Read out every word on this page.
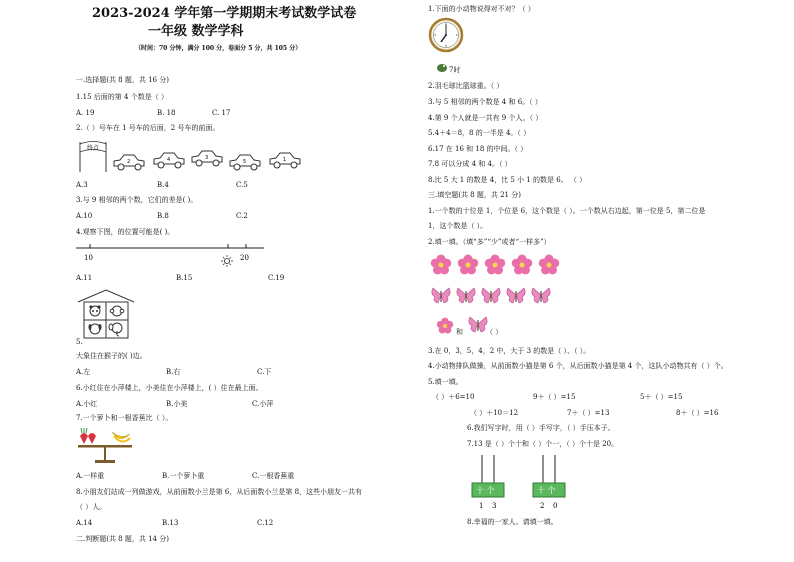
2023-2024 学年第一学期期末考试数学试卷
一年级 数学学科
（时间：70 分钟，满分 100 分，卷面分 5 分，共 105 分）
一.选择题(共 8 题，共 16 分)
1.15 后面的第 4 个数是（ ）
A. 19	B. 18	C. 17
2.（ ）号车在 1 号车的后面，2 号车的前面。
终点
2	4	3
5	1
A.3	B.4	C.5
3.与 9 相邻的两个数，它们的差是( )。
A.10	B.8	C.2
4.观察下图，的位置可能是( )。
10	20
A.11	B.15	C.19
5.
大象住在猴子的( )边。
A.左	B.右	C.下
6.小红住在小萍楼上，小美住在小萍楼上，( ）住在最上面。
A.小红	B.小美	C.小萍
7.一个萝卜和一根香蕉比（ ）。
A.一样重	B.一个萝卜重	C.一根香蕉重
8.小朋友们站成一列做游戏，从前面数小兰是第 6，从后面数小兰是第 8，这些小朋友一共有
（ ）人。
A.14	B.13	C.12
二.判断题(共 8 题，共 14 分)
1.下面的小动物说得对不对？（ ）
7时
2.羽毛球比篮球重。（ ）
3.与 5 相邻的两个数是 4 和 6。（ ）
4.第 9 个人就是一共有 9 个人。（ ）
5.4＋4＝8，8 的一半是 4。（ ）
6.17 在 16 和 18 的中间。（ ）
7.8 可以分成 4 和 4。（ ）
8.比 5 大 1 的数是 4，比 5 小 1 的数是 6。 （ ）
三.填空题(共 8 题，共 21 分)
1.一个数的十位是 1，个位是 6，这个数是（ ）。一个数从右边起，第一位是 5，第二位是
1，这个数是（ ）。
2.填一填。（填“多”“少”或者“一样多”）
和	（ ）
3.在 0，3，5，4，2 中，大于 3 的数是（ ）、（ ）。
4.小动物排队做操，从前面数小猫是第 6 个，从后面数小猫是第 4 个，这队小动物共有（ ）个。
5.填一填。
（ ）＋6=10	9＋（ ）=15	5＋（ ）=15
（ ）＋10＝12	7＋（ ）=13	8＋（ ）=16
6.我们写字时，用（ ）手写字，（ ）手压本子。
7.13 是（ ）个十和（ ）个一，（ ）个十是 20。
十 个
1 3
十 个
2 0
8.幸福的一家人。请填一填。
